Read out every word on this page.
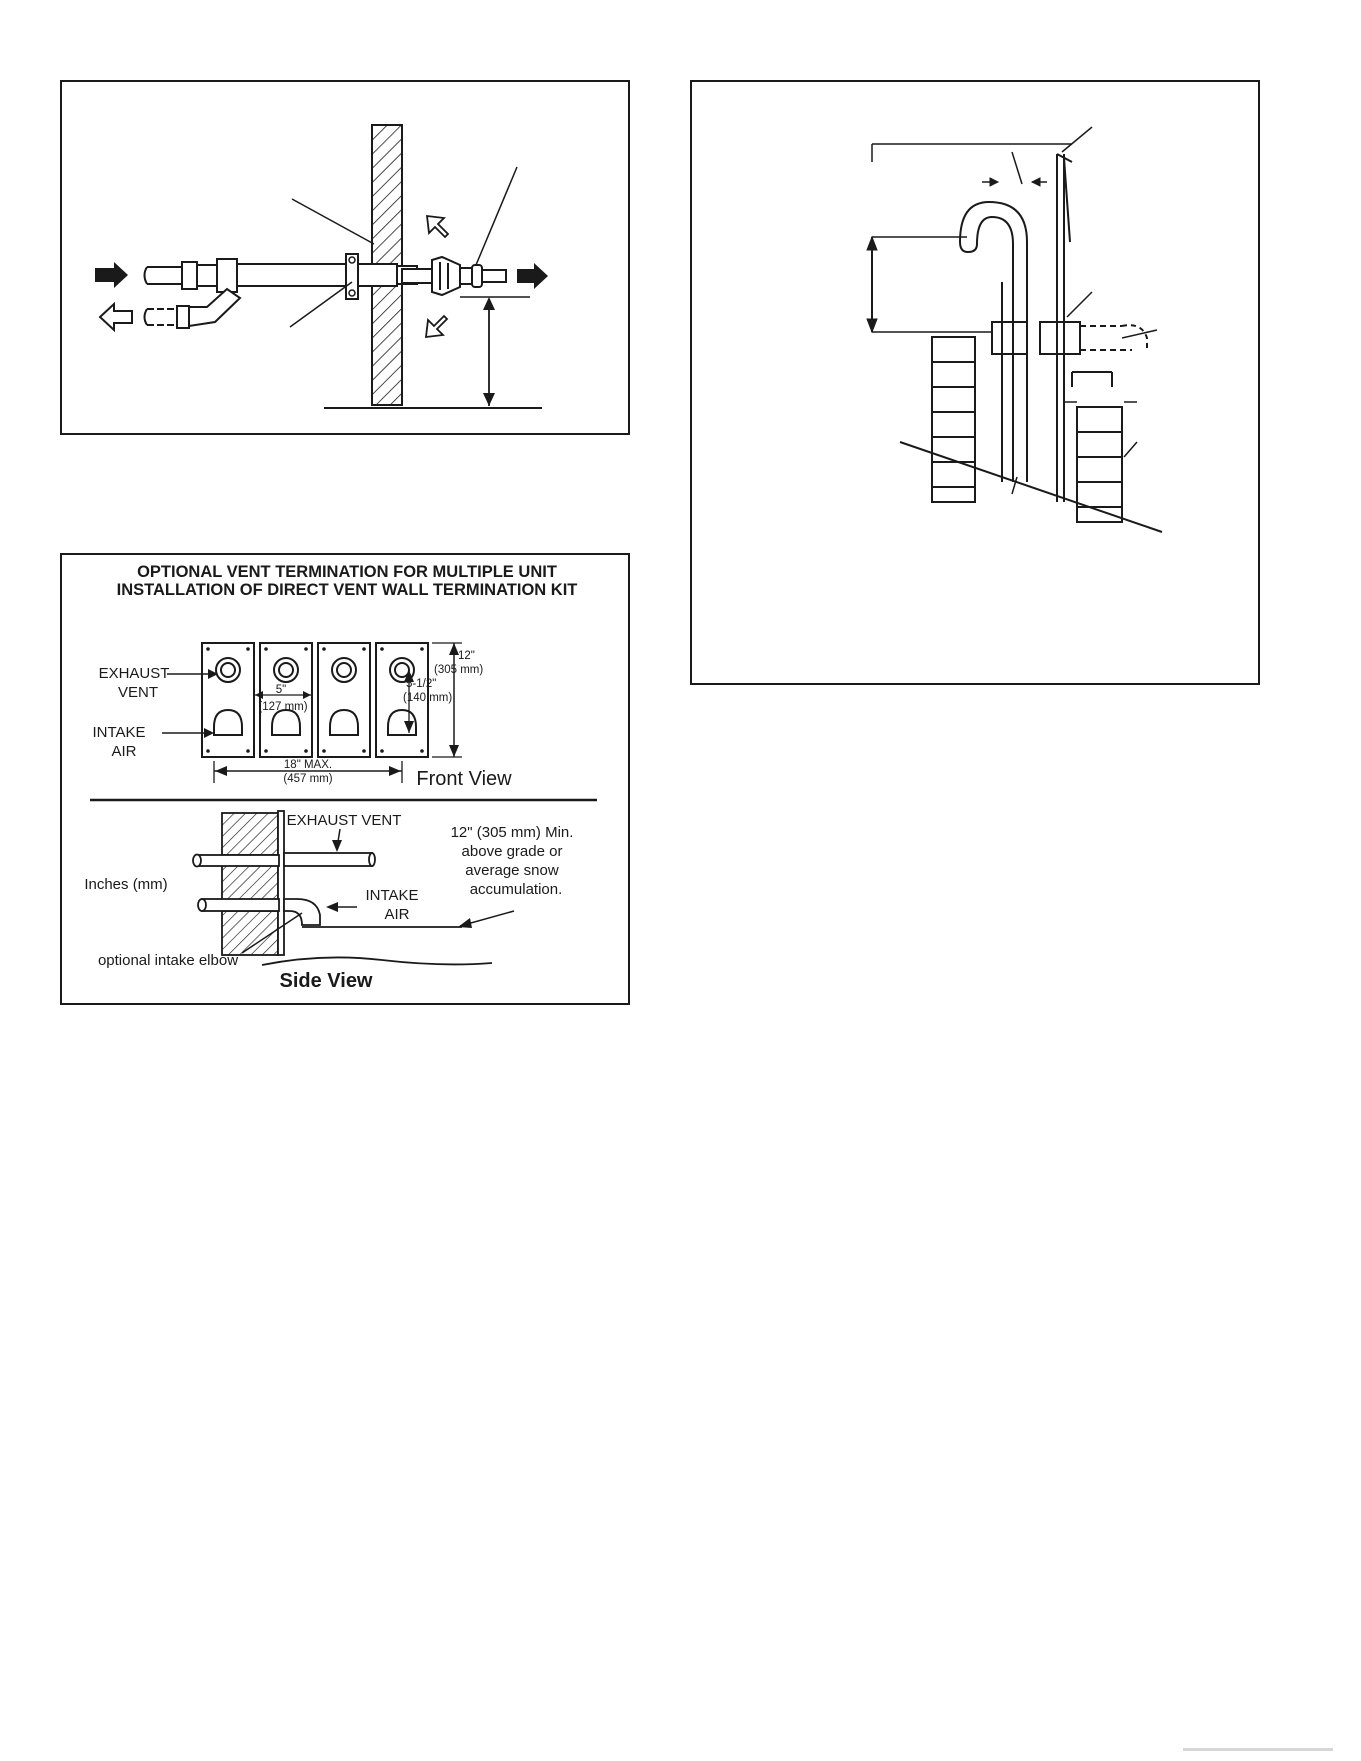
OPTIONAL VENT TERMINATION FOR MULTIPLE UNIT
INSTALLATION OF DIRECT VENT WALL TERMINATION KIT
EXHAUST
VENT
INTAKE
AIR
5"
(127 mm)
12"
(305 mm)
5-1/2"
(140 mm)
18" MAX.
(457 mm)	Front View
EXHAUST VENT
INTAKE
AIR
12" (305 mm) Min.
above grade or
average snow
accumulation.
Inches (mm)
optional intake elbow
Side View
